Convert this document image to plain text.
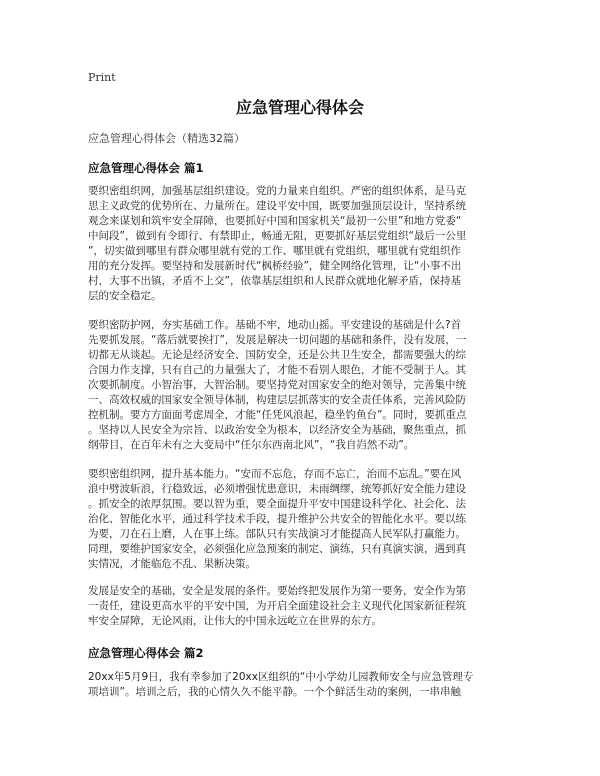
Print
应急管理心得体会
应急管理心得体会（精选32篇）
应急管理心得体会 篇1
要织密组织网，加强基层组织建设。党的力量来自组织。严密的组织体系，是马克
思主义政党的优势所在、力量所在。建设平安中国，既要加强顶层设计，坚持系统
观念来谋划和筑牢安全屏障，也要抓好中国和国家机关“最初一公里”和地方党委“
中间段”，做到有令即行、有禁即止，畅通无阻，更要抓好基层党组织“最后一公里
”，切实做到哪里有群众哪里就有党的工作、哪里就有党组织，哪里就有党组织作
用的充分发挥。要坚持和发展新时代“枫桥经验”，健全网络化管理，让“小事不出
村，大事不出镇，矛盾不上交”，依靠基层组织和人民群众就地化解矛盾，保持基
层的安全稳定。
要织密防护网，夯实基础工作。基础不牢，地动山摇。平安建设的基础是什么?首
先要抓发展。“落后就要挨打”，发展是解决一切问题的基础和条件，没有发展，一
切都无从谈起。无论是经济安全、国防安全，还是公共卫生安全，都需要强大的综
合国力作支撑，只有自己的力量强大了，才能不看别人眼色，才能不受制于人。其
次要抓制度。小智治事，大智治制。要坚持党对国家安全的绝对领导，完善集中统
一、高效权威的国家安全领导体制，构建层层抓落实的安全责任体系，完善风险防
控机制。要方方面面考虑周全，才能“任凭风浪起，稳坐钓鱼台”。同时，要抓重点
。坚持以人民安全为宗旨、以政治安全为根本，以经济安全为基础，聚焦重点，抓
纲带目，在百年未有之大变局中“任尔东西南北风”，“我自岿然不动”。
要织密组织网，提升基本能力。“安而不忘危，存而不忘亡，治而不忘乱。”要在风
浪中劈波斩浪，行稳致远，必须增强忧患意识，未雨绸缪，统筹抓好安全能力建设
。抓安全的浓厚氛围。要以智为重，要全面提升平安中国建设科学化、社会化、法
治化、智能化水平，通过科学技术手段，提升维护公共安全的智能化水平。要以练
为要，刀在石上磨，人在事上练。部队只有实战演习才能提高人民军队打赢能力。
同理，要维护国家安全，必须强化应急预案的制定、演练，只有真演实演，遇到真
实情况，才能临危不乱、果断决策。
发展是安全的基础，安全是发展的条件。要始终把发展作为第一要务，安全作为第
一责任，建设更高水平的平安中国，为开启全面建设社会主义现代化国家新征程筑
牢安全屏障，无论风雨，让伟大的中国永远屹立在世界的东方。
应急管理心得体会 篇2
20xx年5月9日，我有幸参加了20xx区组织的“中小学幼儿园教师安全与应急管理专
项培训”。培训之后，我的心情久久不能平静。一个个鲜活生动的案例，一串串触
